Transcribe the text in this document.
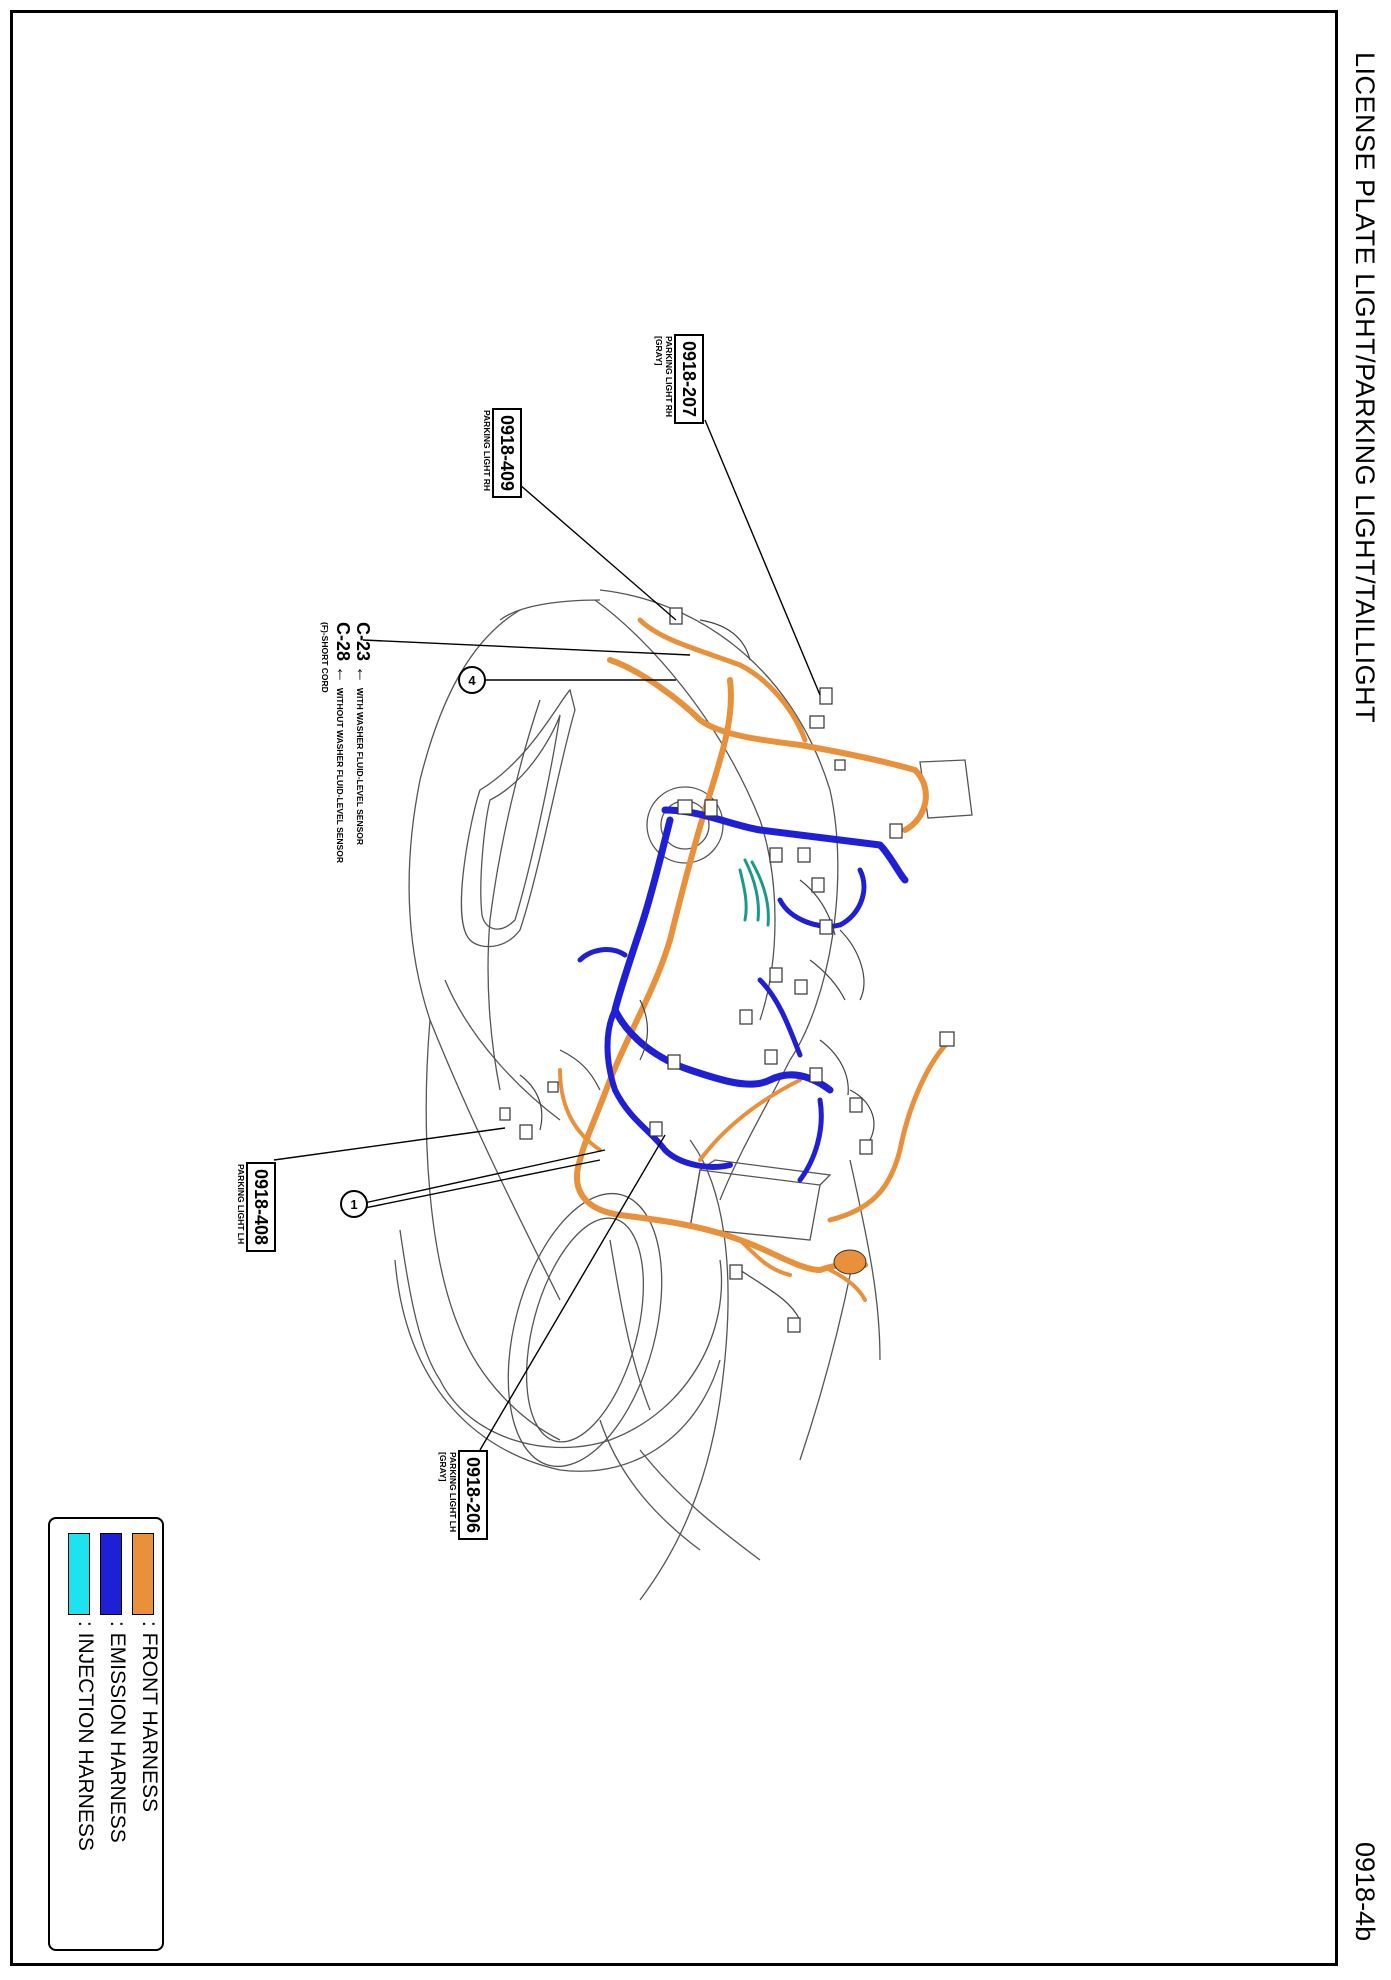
LICENSE PLATE LIGHT/PARKING LIGHT/TAILLIGHT
0918-4b
0918-207
PARKING LIGHT RH
[GRAY]
0918-409
PARKING LIGHT RH
C-23 ← WITH WASHER FLUID-LEVEL SENSOR
C-28 ← WITHOUT WASHER FLUID-LEVEL SENSOR
(F)-SHORT CORD	4
1
0918-408
PARKING LIGHT LH
0918-206
PARKING LIGHT LH
[GRAY]
: FRONT HARNESS
: EMISSION HARNESS
: INJECTION HARNESS
